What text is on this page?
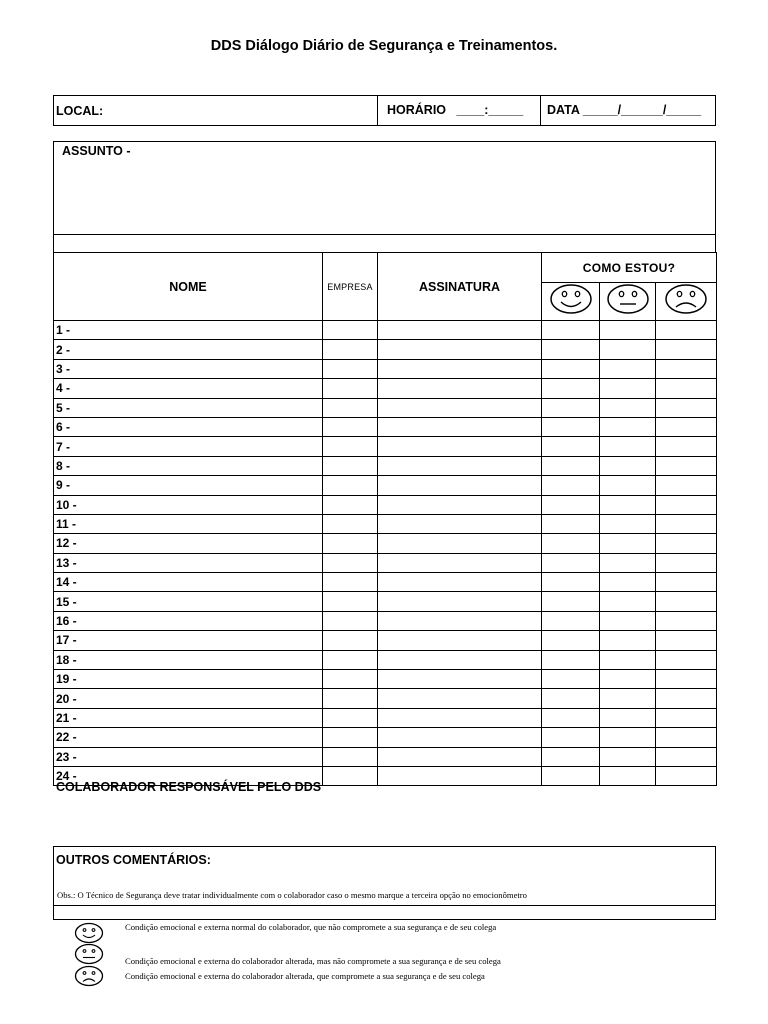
DDS Diálogo Diário de Segurança e Treinamentos.
LOCAL:	HORÁRIO   ____:_____ DATA _____/______/_____
ASSUNTO -
NOME	EMPRESA	ASSINATURA	COMO ESTOU?		

1 -					

2 -					

3 -					

4 -					

5 -					

6 -					

7 -					

8 -					

9 -					

10 -					

11 -					

12 -					

13 -					

14 -					

15 -					

16 -					

17 -					

18 -					

19 -					

20 -					

21 -					

22 -					

23 -					

24 -					

COLABORADOR RESPONSÁVEL PELO DDS
OUTROS COMENTÁRIOS:
Obs.: O Técnico de Segurança deve tratar individualmente com o colaborador caso o mesmo marque a terceira opção no emocionômetro
Condição emocional e externa normal do colaborador, que não compromete a sua segurança e de seu colega
Condição emocional e externa do colaborador alterada, mas não compromete a sua segurança e de seu colega
Condição emocional e externa do colaborador alterada, que compromete a sua segurança e de seu colega
